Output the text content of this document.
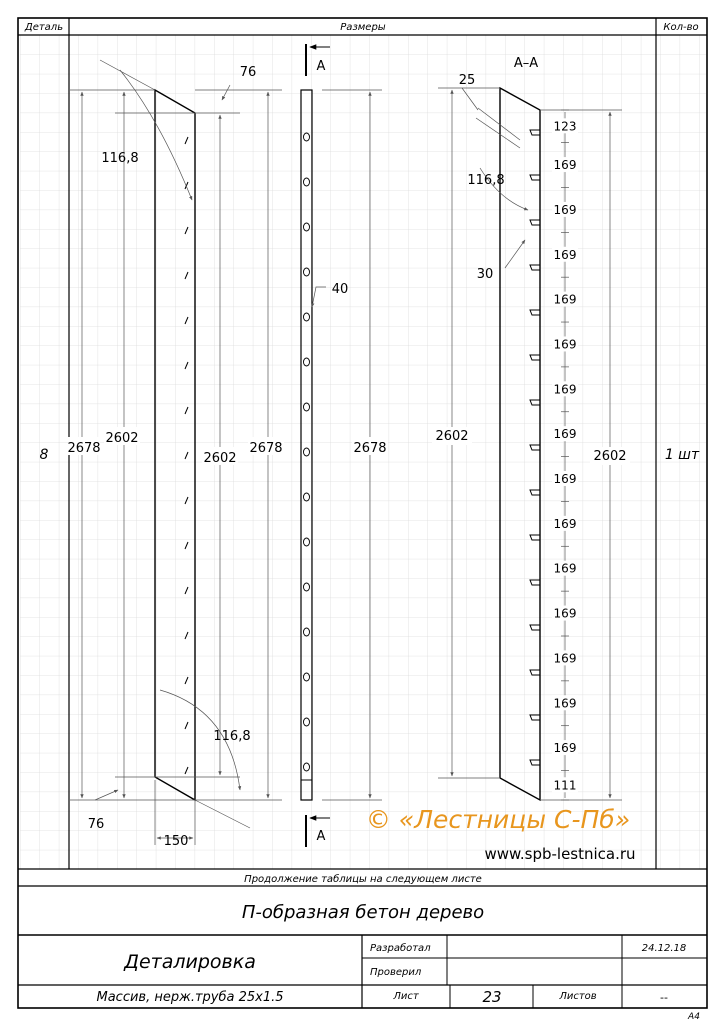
Деталь	Размеры	Кол-во
8	1 шт
2678
2602
2602
2678
116,8
116,8
76
76
150
A
A
40
2678
A–A
2602
2602
25
116,8
30
123
169
169
169
169
169
169
169
169
169
169
169
169
169
169
111
© «Лестницы С-Пб»
www.spb-lestnica.ru
Продолжение таблицы на следующем листе
П-образная бетон дерево
Деталировка
Массив, нерж.труба 25х1.5
Разработал	24.12.18
Проверил
Лист	23	Листов	--
А4
